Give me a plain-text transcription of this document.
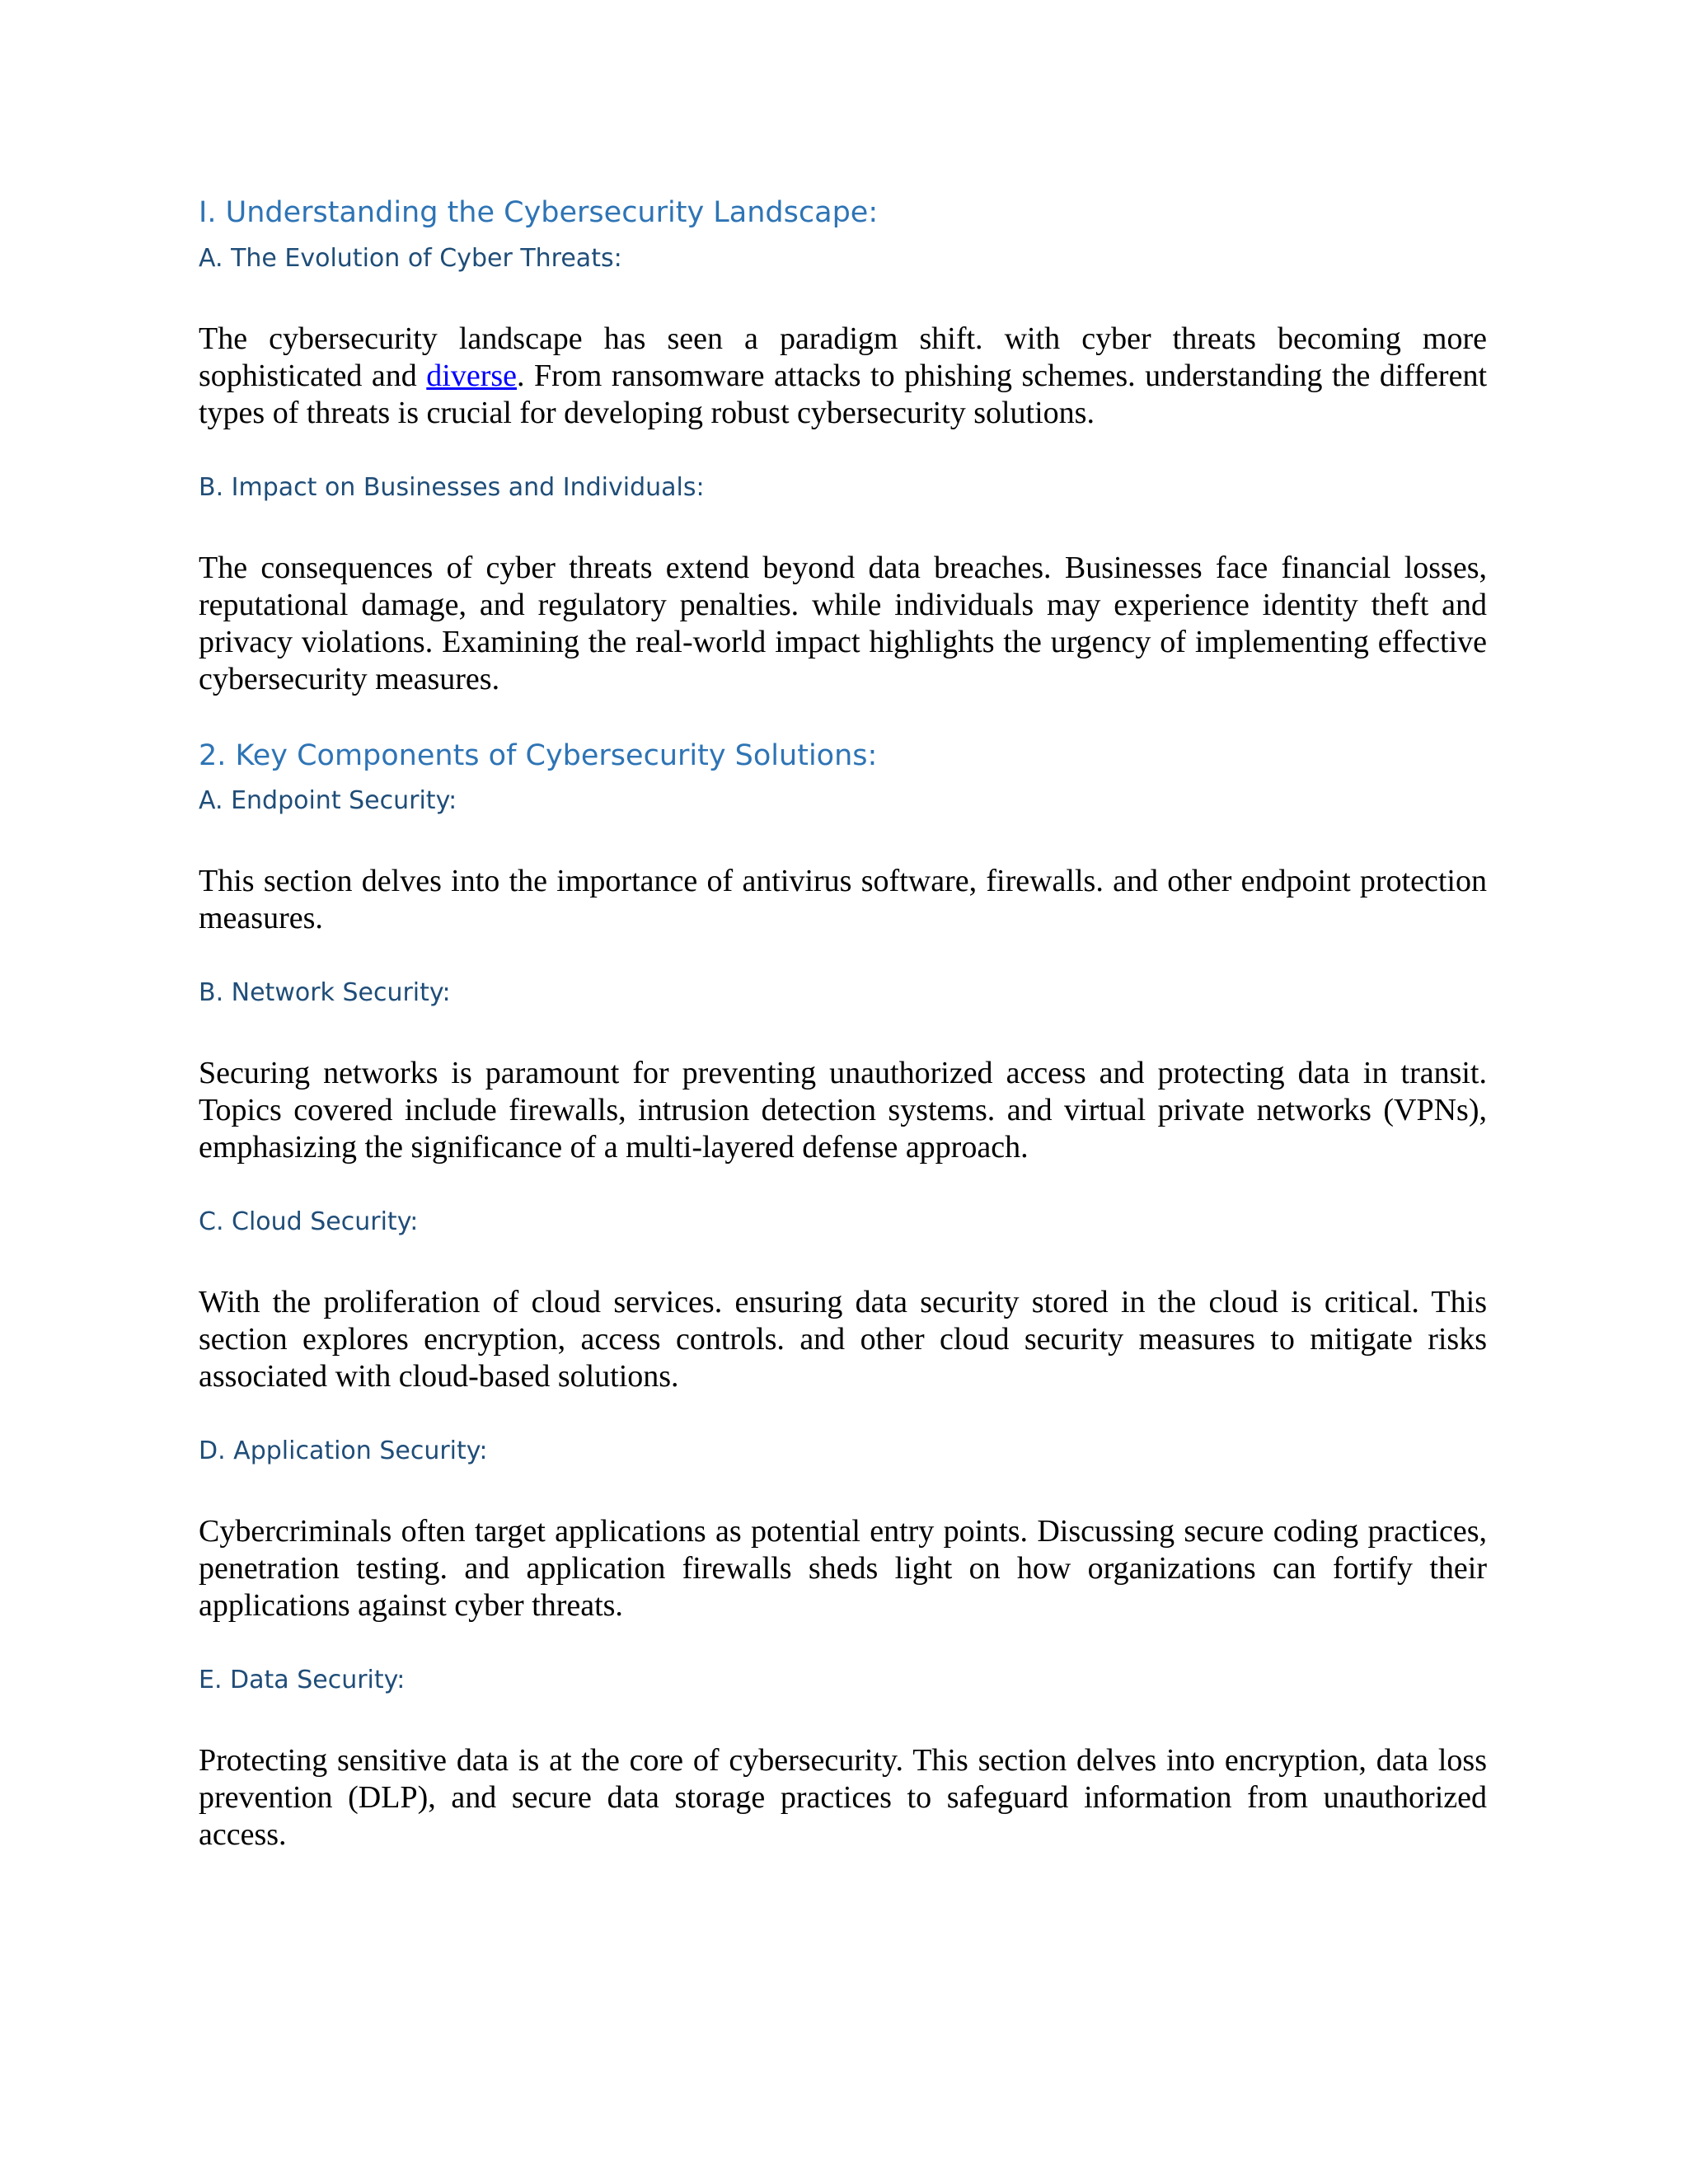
I. Understanding the Cybersecurity Landscape:
A. The Evolution of Cyber Threats:

The cybersecurity landscape has seen a paradigm shift. with cyber threats becoming more sophisticated and diverse. From ransomware attacks to phishing schemes. understanding the different types of threats is crucial for developing robust cybersecurity solutions.

B. Impact on Businesses and Individuals:

The consequences of cyber threats extend beyond data breaches. Businesses face financial losses, reputational damage, and regulatory penalties. while individuals may experience identity theft and privacy violations. Examining the real-world impact highlights the urgency of implementing effective cybersecurity measures.

2. Key Components of Cybersecurity Solutions:
A. Endpoint Security:

This section delves into the importance of antivirus software, firewalls. and other endpoint protection measures.

B. Network Security:

Securing networks is paramount for preventing unauthorized access and protecting data in transit. Topics covered include firewalls, intrusion detection systems. and virtual private networks (VPNs), emphasizing the significance of a multi-layered defense approach.

C. Cloud Security:

With the proliferation of cloud services. ensuring data security stored in the cloud is critical. This section explores encryption, access controls. and other cloud security measures to mitigate risks associated with cloud-based solutions.

D. Application Security:

Cybercriminals often target applications as potential entry points. Discussing secure coding practices, penetration testing. and application firewalls sheds light on how organizations can fortify their applications against cyber threats.

E. Data Security:

Protecting sensitive data is at the core of cybersecurity. This section delves into encryption, data loss prevention (DLP), and secure data storage practices to safeguard information from unauthorized access.
